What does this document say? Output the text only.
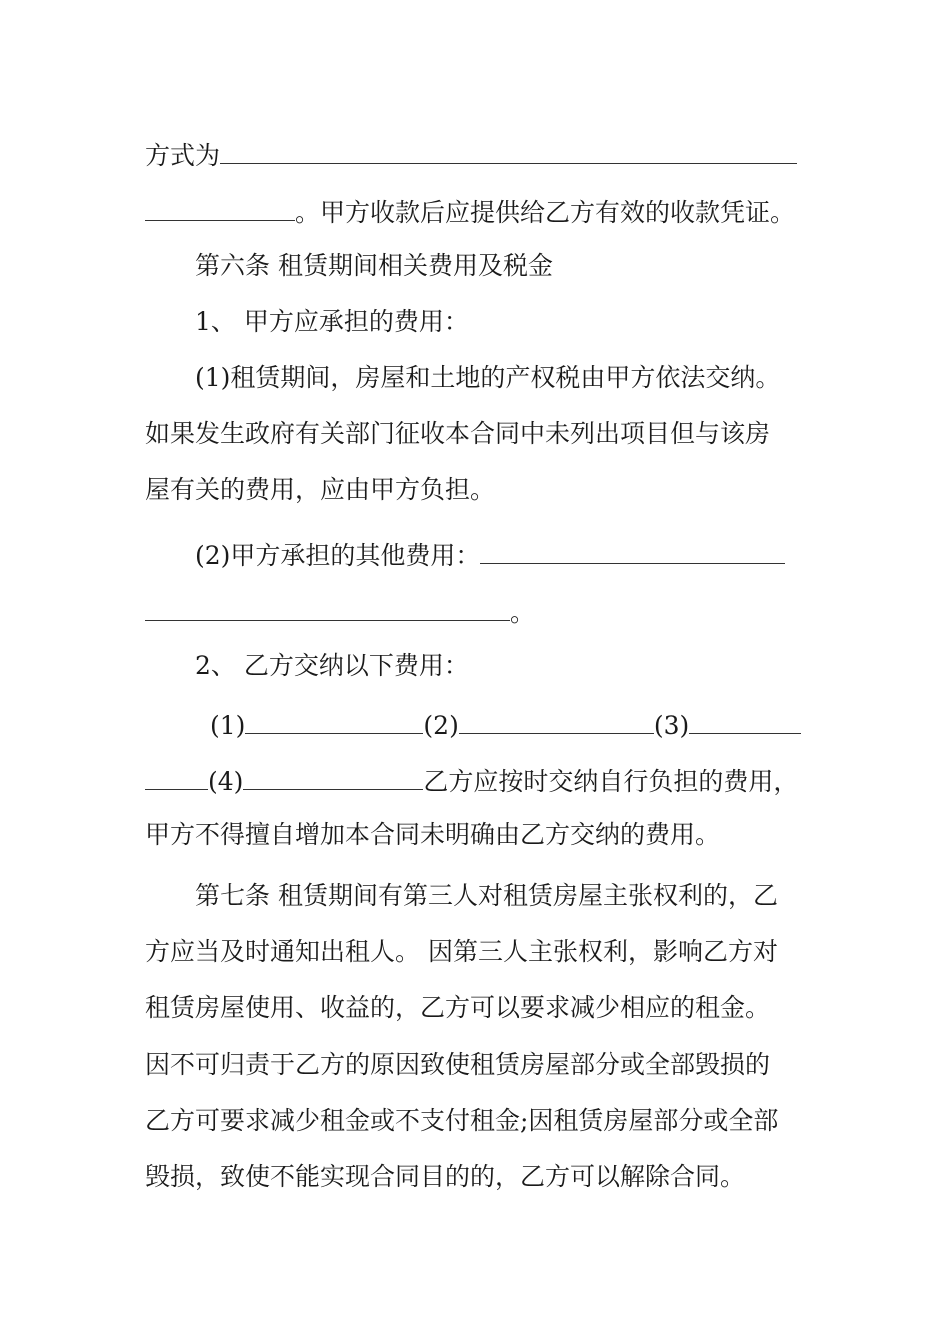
方式为
。甲方收款后应提供给乙方有效的收款凭证。
第六条 租赁期间相关费用及税金
1、 甲方应承担的费用：
(1)租赁期间，房屋和土地的产权税由甲方依法交纳。
如果发生政府有关部门征收本合同中未列出项目但与该房
屋有关的费用，应由甲方负担。
(2)甲方承担的其他费用：
。
2、 乙方交纳以下费用：
(1)	(2)	(3)
(4)	乙方应按时交纳自行负担的费用，
甲方不得擅自增加本合同未明确由乙方交纳的费用。
第七条 租赁期间有第三人对租赁房屋主张权利的，乙
方应当及时通知出租人。 因第三人主张权利，影响乙方对
租赁房屋使用、收益的，乙方可以要求减少相应的租金。
因不可归责于乙方的原因致使租赁房屋部分或全部毁损的
乙方可要求减少租金或不支付租金;因租赁房屋部分或全部
毁损，致使不能实现合同目的的，乙方可以解除合同。
